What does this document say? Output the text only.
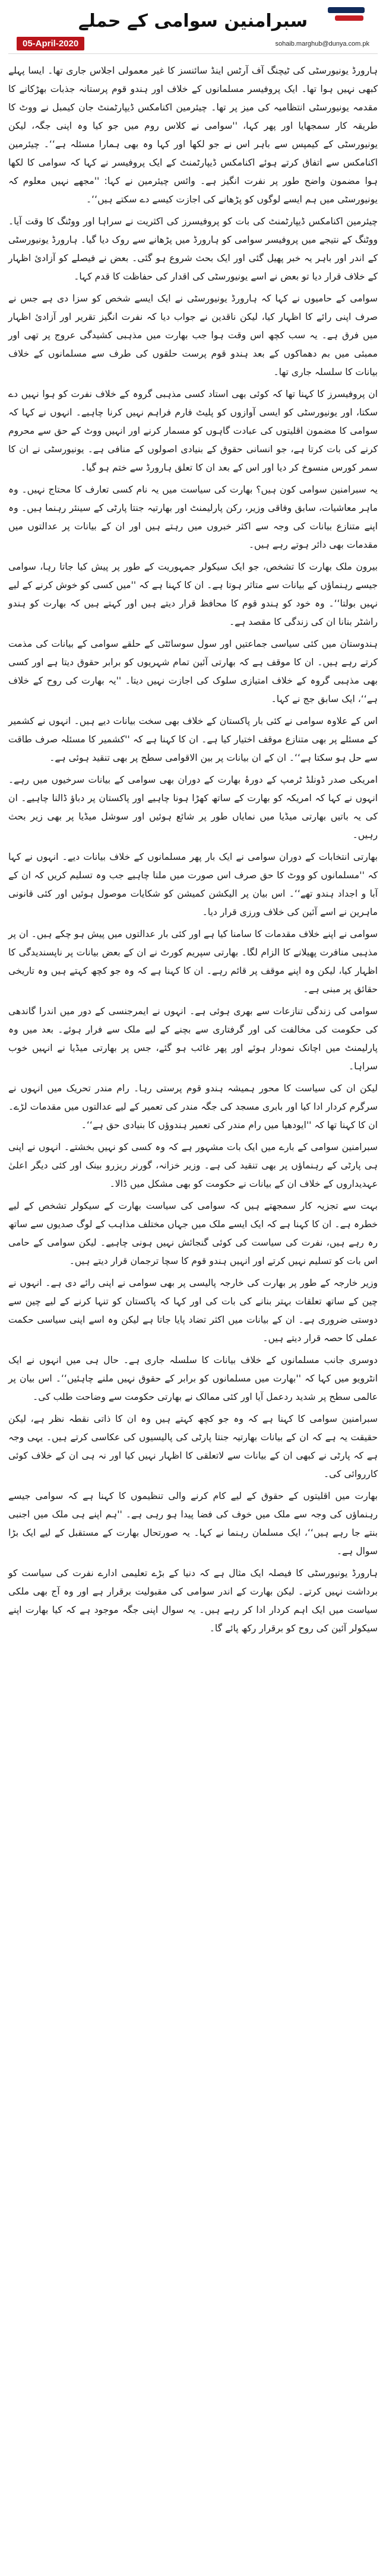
سبرامنین سوامی کے حملے
sohaib.marghub@dunya.com.pk
05-April-2020

ہارورڈ یونیورسٹی کی ٹیچنگ آف آرٹس اینڈ سائنسز کا غیر معمولی اجلاس جاری تھا۔ ایسا پہلے کبھی نہیں ہوا تھا۔ ایک پروفیسر مسلمانوں کے خلاف اور ہندو قوم پرستانہ جذبات بھڑکانے کا مقدمہ یونیورسٹی انتظامیہ کی میز پر تھا۔ چیئرمین اکنامکس ڈیپارٹمنٹ جان کیمبل نے ووٹ کا طریقہ کار سمجھایا اور پھر کہا، ''سوامی نے کلاس روم میں جو کیا وہ اپنی جگہ، لیکن یونیورسٹی کے کیمپس سے باہر اس نے جو لکھا اور کہا وہ بھی ہمارا مسئلہ ہے‘‘۔ چیئرمین اکنامکس سے اتفاق کرتے ہوئے اکنامکس ڈیپارٹمنٹ کے ایک پروفیسر نے کہا کہ سوامی کا لکھا ہوا مضمون واضح طور پر نفرت انگیز ہے۔ وائس چیئرمین نے کہا: ''مجھے نہیں معلوم کہ یونیورسٹی میں ہم ایسے لوگوں کو پڑھانے کی اجازت کیسے دے سکتے ہیں‘‘۔

چیئرمین اکنامکس ڈیپارٹمنٹ کی بات کو پروفیسرز کی اکثریت نے سراہا اور ووٹنگ کا وقت آیا۔ ووٹنگ کے نتیجے میں پروفیسر سوامی کو ہارورڈ میں پڑھانے سے روک دیا گیا۔ ہارورڈ یونیورسٹی کے اندر اور باہر یہ خبر پھیل گئی اور ایک بحث شروع ہو گئی۔ بعض نے فیصلے کو آزادیٔ اظہار کے خلاف قرار دیا تو بعض نے اسے یونیورسٹی کی اقدار کی حفاظت کا قدم کہا۔

سوامی کے حامیوں نے کہا کہ ہارورڈ یونیورسٹی نے ایک ایسے شخص کو سزا دی ہے جس نے صرف اپنی رائے کا اظہار کیا، لیکن ناقدین نے جواب دیا کہ نفرت انگیز تقریر اور آزادیٔ اظہار میں فرق ہے۔ یہ سب کچھ اس وقت ہوا جب بھارت میں مذہبی کشیدگی عروج پر تھی اور ممبئی میں بم دھماکوں کے بعد ہندو قوم پرست حلقوں کی طرف سے مسلمانوں کے خلاف بیانات کا سلسلہ جاری تھا۔

ان پروفیسرز کا کہنا تھا کہ کوئی بھی استاد کسی مذہبی گروہ کے خلاف نفرت کو ہوا نہیں دے سکتا، اور یونیورسٹی کو ایسی آوازوں کو پلیٹ فارم فراہم نہیں کرنا چاہیے۔ انہوں نے کہا کہ سوامی کا مضمون اقلیتوں کی عبادت گاہوں کو مسمار کرنے اور انہیں ووٹ کے حق سے محروم کرنے کی بات کرتا ہے، جو انسانی حقوق کے بنیادی اصولوں کے منافی ہے۔ یونیورسٹی نے ان کا سمر کورس منسوخ کر دیا اور اس کے بعد ان کا تعلق ہارورڈ سے ختم ہو گیا۔

یہ سبرامنین سوامی کون ہیں؟ بھارت کی سیاست میں یہ نام کسی تعارف کا محتاج نہیں۔ وہ ماہر معاشیات، سابق وفاقی وزیر، رکن پارلیمنٹ اور بھارتیہ جنتا پارٹی کے سینئر رہنما ہیں۔ وہ اپنے متنازع بیانات کی وجہ سے اکثر خبروں میں رہتے ہیں اور ان کے بیانات پر عدالتوں میں مقدمات بھی دائر ہوتے رہے ہیں۔

بیرون ملک بھارت کا تشخص، جو ایک سیکولر جمہوریت کے طور پر پیش کیا جاتا رہا، سوامی جیسے رہنماؤں کے بیانات سے متاثر ہوتا ہے۔ ان کا کہنا ہے کہ ''میں کسی کو خوش کرنے کے لیے نہیں بولتا‘‘۔ وہ خود کو ہندو قوم کا محافظ قرار دیتے ہیں اور کہتے ہیں کہ بھارت کو ہندو راشٹر بنانا ان کی زندگی کا مقصد ہے۔

ہندوستان میں کئی سیاسی جماعتیں اور سول سوسائٹی کے حلقے سوامی کے بیانات کی مذمت کرتے رہے ہیں۔ ان کا موقف ہے کہ بھارتی آئین تمام شہریوں کو برابر حقوق دیتا ہے اور کسی بھی مذہبی گروہ کے خلاف امتیازی سلوک کی اجازت نہیں دیتا۔ ''یہ بھارت کی روح کے خلاف ہے‘‘، ایک سابق جج نے کہا۔

اس کے علاوہ سوامی نے کئی بار پاکستان کے خلاف بھی سخت بیانات دیے ہیں۔ انہوں نے کشمیر کے مسئلے پر بھی متنازع موقف اختیار کیا ہے۔ ان کا کہنا ہے کہ ''کشمیر کا مسئلہ صرف طاقت سے حل ہو سکتا ہے‘‘۔ ان کے ان بیانات پر بین الاقوامی سطح پر بھی تنقید ہوئی ہے۔

امریکی صدر ڈونلڈ ٹرمپ کے دورۂ بھارت کے دوران بھی سوامی کے بیانات سرخیوں میں رہے۔ انہوں نے کہا کہ امریکہ کو بھارت کے ساتھ کھڑا ہونا چاہیے اور پاکستان پر دباؤ ڈالنا چاہیے۔ ان کی یہ باتیں بھارتی میڈیا میں نمایاں طور پر شائع ہوئیں اور سوشل میڈیا پر بھی زیر بحث رہیں۔

بھارتی انتخابات کے دوران سوامی نے ایک بار پھر مسلمانوں کے خلاف بیانات دیے۔ انہوں نے کہا کہ ''مسلمانوں کو ووٹ کا حق صرف اس صورت میں ملنا چاہیے جب وہ تسلیم کریں کہ ان کے آبا و اجداد ہندو تھے‘‘۔ اس بیان پر الیکشن کمیشن کو شکایات موصول ہوئیں اور کئی قانونی ماہرین نے اسے آئین کی خلاف ورزی قرار دیا۔

سوامی نے اپنے خلاف مقدمات کا سامنا کیا ہے اور کئی بار عدالتوں میں پیش ہو چکے ہیں۔ ان پر مذہبی منافرت پھیلانے کا الزام لگا۔ بھارتی سپریم کورٹ نے ان کے بعض بیانات پر ناپسندیدگی کا اظہار کیا، لیکن وہ اپنے موقف پر قائم رہے۔ ان کا کہنا ہے کہ وہ جو کچھ کہتے ہیں وہ تاریخی حقائق پر مبنی ہے۔

سوامی کی زندگی تنازعات سے بھری ہوئی ہے۔ انہوں نے ایمرجنسی کے دور میں اندرا گاندھی کی حکومت کی مخالفت کی اور گرفتاری سے بچنے کے لیے ملک سے فرار ہوئے۔ بعد میں وہ پارلیمنٹ میں اچانک نمودار ہوئے اور پھر غائب ہو گئے، جس پر بھارتی میڈیا نے انہیں خوب سراہا۔

لیکن ان کی سیاست کا محور ہمیشہ ہندو قوم پرستی رہا۔ رام مندر تحریک میں انہوں نے سرگرم کردار ادا کیا اور بابری مسجد کی جگہ مندر کی تعمیر کے لیے عدالتوں میں مقدمات لڑے۔ ان کا کہنا تھا کہ ''ایودھیا میں رام مندر کی تعمیر ہندوؤں کا بنیادی حق ہے‘‘۔

سبرامنین سوامی کے بارے میں ایک بات مشہور ہے کہ وہ کسی کو نہیں بخشتے۔ انہوں نے اپنی ہی پارٹی کے رہنماؤں پر بھی تنقید کی ہے۔ وزیر خزانہ، گورنر ریزرو بینک اور کئی دیگر اعلیٰ عہدیداروں کے خلاف ان کے بیانات نے حکومت کو بھی مشکل میں ڈالا۔

بہت سے تجزیہ کار سمجھتے ہیں کہ سوامی کی سیاست بھارت کے سیکولر تشخص کے لیے خطرہ ہے۔ ان کا کہنا ہے کہ ایک ایسے ملک میں جہاں مختلف مذاہب کے لوگ صدیوں سے ساتھ رہ رہے ہیں، نفرت کی سیاست کی کوئی گنجائش نہیں ہونی چاہیے۔ لیکن سوامی کے حامی اس بات کو تسلیم نہیں کرتے اور انہیں ہندو قوم کا سچا ترجمان قرار دیتے ہیں۔

وزیر خارجہ کے طور پر بھارت کی خارجہ پالیسی پر بھی سوامی نے اپنی رائے دی ہے۔ انہوں نے چین کے ساتھ تعلقات بہتر بنانے کی بات کی اور کہا کہ پاکستان کو تنہا کرنے کے لیے چین سے دوستی ضروری ہے۔ ان کے بیانات میں اکثر تضاد پایا جاتا ہے لیکن وہ اسے اپنی سیاسی حکمت عملی کا حصہ قرار دیتے ہیں۔

دوسری جانب مسلمانوں کے خلاف بیانات کا سلسلہ جاری ہے۔ حال ہی میں انہوں نے ایک انٹرویو میں کہا کہ ''بھارت میں مسلمانوں کو برابر کے حقوق نہیں ملنے چاہئیں‘‘۔ اس بیان پر عالمی سطح پر شدید ردعمل آیا اور کئی ممالک نے بھارتی حکومت سے وضاحت طلب کی۔

سبرامنین سوامی کا کہنا ہے کہ وہ جو کچھ کہتے ہیں وہ ان کا ذاتی نقطہ نظر ہے، لیکن حقیقت یہ ہے کہ ان کے بیانات بھارتیہ جنتا پارٹی کی پالیسیوں کی عکاسی کرتے ہیں۔ یہی وجہ ہے کہ پارٹی نے کبھی ان کے بیانات سے لاتعلقی کا اظہار نہیں کیا اور نہ ہی ان کے خلاف کوئی کارروائی کی۔

بھارت میں اقلیتوں کے حقوق کے لیے کام کرنے والی تنظیموں کا کہنا ہے کہ سوامی جیسے رہنماؤں کی وجہ سے ملک میں خوف کی فضا پیدا ہو رہی ہے۔ ''ہم اپنے ہی ملک میں اجنبی بنتے جا رہے ہیں‘‘، ایک مسلمان رہنما نے کہا۔ یہ صورتحال بھارت کے مستقبل کے لیے ایک بڑا سوال ہے۔

ہارورڈ یونیورسٹی کا فیصلہ ایک مثال ہے کہ دنیا کے بڑے تعلیمی ادارے نفرت کی سیاست کو برداشت نہیں کرتے۔ لیکن بھارت کے اندر سوامی کی مقبولیت برقرار ہے اور وہ آج بھی ملکی سیاست میں ایک اہم کردار ادا کر رہے ہیں۔ یہ سوال اپنی جگہ موجود ہے کہ کیا بھارت اپنے سیکولر آئین کی روح کو برقرار رکھ پائے گا۔
